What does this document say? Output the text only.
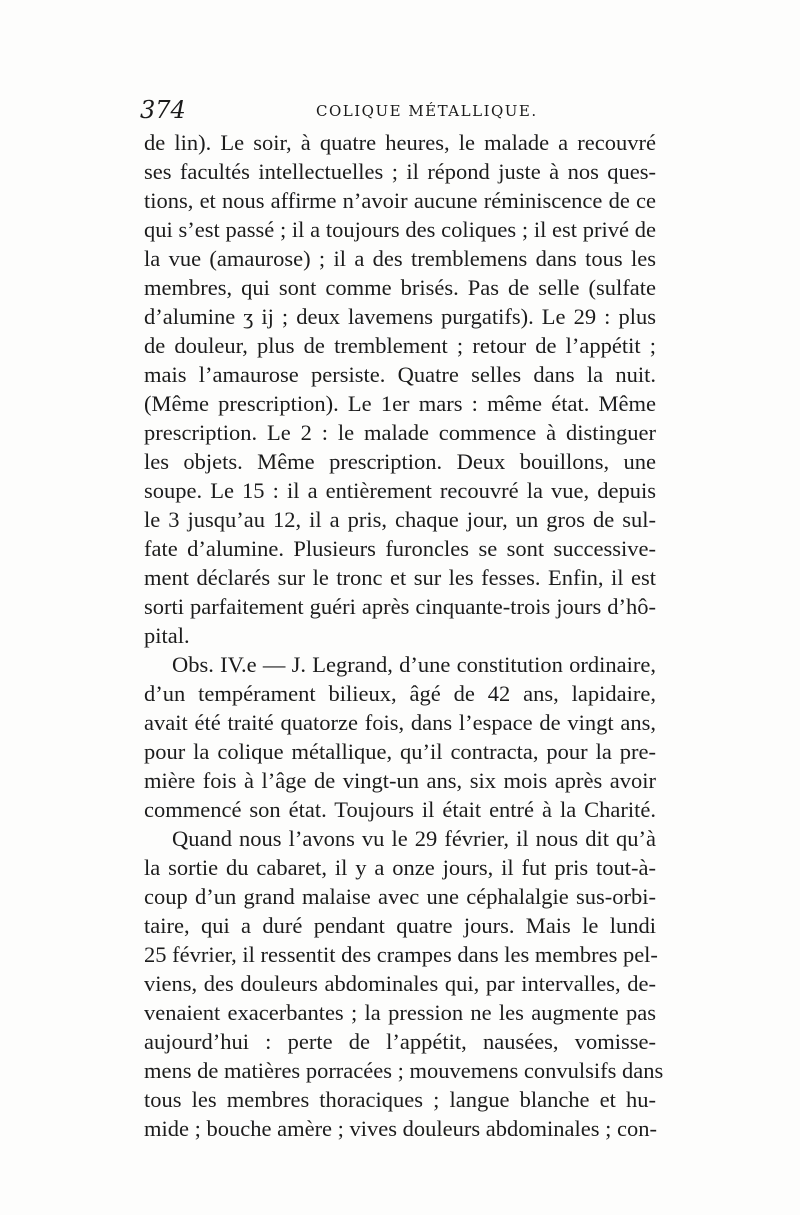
374	COLIQUE MÉTALLIQUE.
de lin). Le soir, à quatre heures, le malade a recouvré
ses facultés intellectuelles ; il répond juste à nos ques-
tions, et nous affirme n’avoir aucune réminiscence de ce
qui s’est passé ; il a toujours des coliques ; il est privé de
la vue (amaurose) ; il a des tremblemens dans tous les
membres, qui sont comme brisés. Pas de selle (sulfate
d’alumine ʒ ij ; deux lavemens purgatifs). Le 29 : plus
de douleur, plus de tremblement ; retour de l’appétit ;
mais l’amaurose persiste. Quatre selles dans la nuit.
(Même prescription). Le 1er mars : même état. Même
prescription. Le 2 : le malade commence à distinguer
les objets. Même prescription. Deux bouillons, une
soupe. Le 15 : il a entièrement recouvré la vue, depuis
le 3 jusqu’au 12, il a pris, chaque jour, un gros de sul-
fate d’alumine. Plusieurs furoncles se sont successive-
ment déclarés sur le tronc et sur les fesses. Enfin, il est
sorti parfaitement guéri après cinquante-trois jours d’hô-
pital.
Obs. IV.e — J. Legrand, d’une constitution ordinaire,
d’un tempérament bilieux, âgé de 42 ans, lapidaire,
avait été traité quatorze fois, dans l’espace de vingt ans,
pour la colique métallique, qu’il contracta, pour la pre-
mière fois à l’âge de vingt-un ans, six mois après avoir
commencé son état. Toujours il était entré à la Charité.
Quand nous l’avons vu le 29 février, il nous dit qu’à
la sortie du cabaret, il y a onze jours, il fut pris tout-à-
coup d’un grand malaise avec une céphalalgie sus-orbi-
taire, qui a duré pendant quatre jours. Mais le lundi
25 février, il ressentit des crampes dans les membres pel-
viens, des douleurs abdominales qui, par intervalles, de-
venaient exacerbantes ; la pression ne les augmente pas
aujourd’hui : perte de l’appétit, nausées, vomisse-
mens de matières porracées ; mouvemens convulsifs dans
tous les membres thoraciques ; langue blanche et hu-
mide ; bouche amère ; vives douleurs abdominales ; con-
